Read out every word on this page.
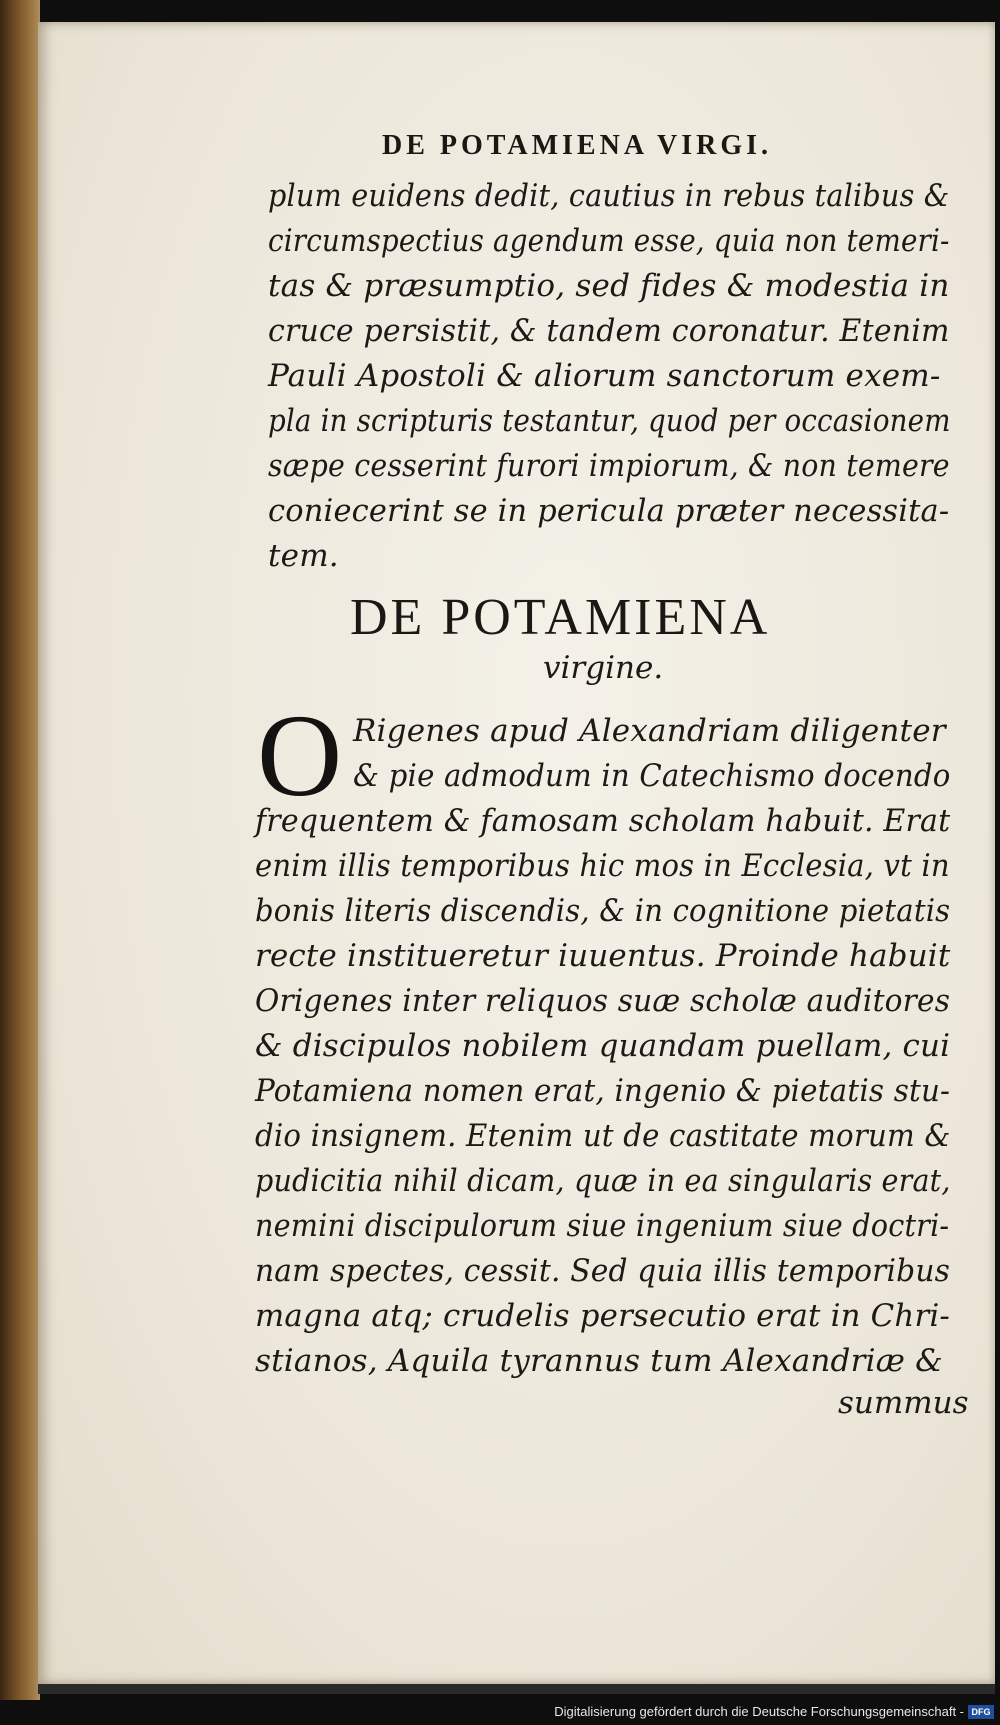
DE POTAMIENA VIRGI.
plum euidens dedit, cautius in rebus talibus &
circumspectius agendum esse, quia non temeri-
tas & præsumptio, sed fides & modestia in
cruce persistit, & tandem coronatur. Etenim
Pauli Apostoli & aliorum sanctorum exem-
pla in scripturis testantur, quod per occasionem
sæpe cesserint furori impiorum, & non temere
coniecerint se in pericula præter necessita-
tem.
DE POTAMIENA
virgine.
O Rigenes apud Alexandriam diligenter
& pie admodum in Catechismo docendo
frequentem & famosam scholam habuit. Erat
enim illis temporibus hic mos in Ecclesia, vt in
bonis literis discendis, & in cognitione pietatis
recte institueretur iuuentus. Proinde habuit
Origenes inter reliquos suæ scholæ auditores
& discipulos nobilem quandam puellam, cui
Potamiena nomen erat, ingenio & pietatis stu-
dio insignem. Etenim ut de castitate morum &
pudicitia nihil dicam, quæ in ea singularis erat,
nemini discipulorum siue ingenium siue doctri-
nam spectes, cessit. Sed quia illis temporibus
magna atq; crudelis persecutio erat in Chri-
stianos, Aquila tyrannus tum Alexandriæ &
summus
Digitalisierung gefördert durch die Deutsche Forschungsgemeinschaft - DFG
